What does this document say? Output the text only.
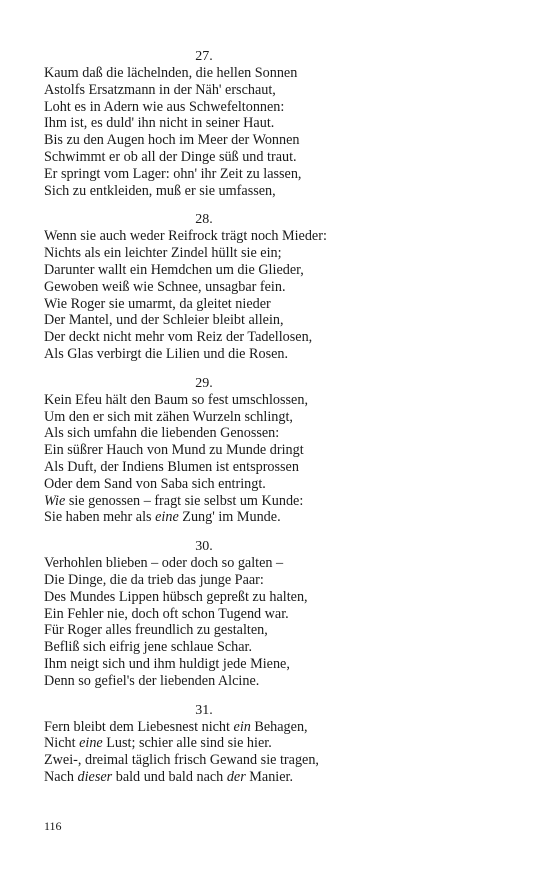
27.
Kaum daß die lächelnden, die hellen Sonnen
Astolfs Ersatzmann in der Näh' erschaut,
Loht es in Adern wie aus Schwefeltonnen:
Ihm ist, es duld' ihn nicht in seiner Haut.
Bis zu den Augen hoch im Meer der Wonnen
Schwimmt er ob all der Dinge süß und traut.
Er springt vom Lager: ohn' ihr Zeit zu lassen,
Sich zu entkleiden, muß er sie umfassen,
28.
Wenn sie auch weder Reifrock trägt noch Mieder:
Nichts als ein leichter Zindel hüllt sie ein;
Darunter wallt ein Hemdchen um die Glieder,
Gewoben weiß wie Schnee, unsagbar fein.
Wie Roger sie umarmt, da gleitet nieder
Der Mantel, und der Schleier bleibt allein,
Der deckt nicht mehr vom Reiz der Tadellosen,
Als Glas verbirgt die Lilien und die Rosen.
29.
Kein Efeu hält den Baum so fest umschlossen,
Um den er sich mit zähen Wurzeln schlingt,
Als sich umfahn die liebenden Genossen:
Ein süßrer Hauch von Mund zu Munde dringt
Als Duft, der Indiens Blumen ist entsprossen
Oder dem Sand von Saba sich entringt.
Wie sie genossen – fragt sie selbst um Kunde:
Sie haben mehr als eine Zung' im Munde.
30.
Verhohlen blieben – oder doch so galten –
Die Dinge, die da trieb das junge Paar:
Des Mundes Lippen hübsch gepreßt zu halten,
Ein Fehler nie, doch oft schon Tugend war.
Für Roger alles freundlich zu gestalten,
Befliß sich eifrig jene schlaue Schar.
Ihm neigt sich und ihm huldigt jede Miene,
Denn so gefiel's der liebenden Alcine.
31.
Fern bleibt dem Liebesnest nicht ein Behagen,
Nicht eine Lust; schier alle sind sie hier.
Zwei-, dreimal täglich frisch Gewand sie tragen,
Nach dieser bald und bald nach der Manier.
116
